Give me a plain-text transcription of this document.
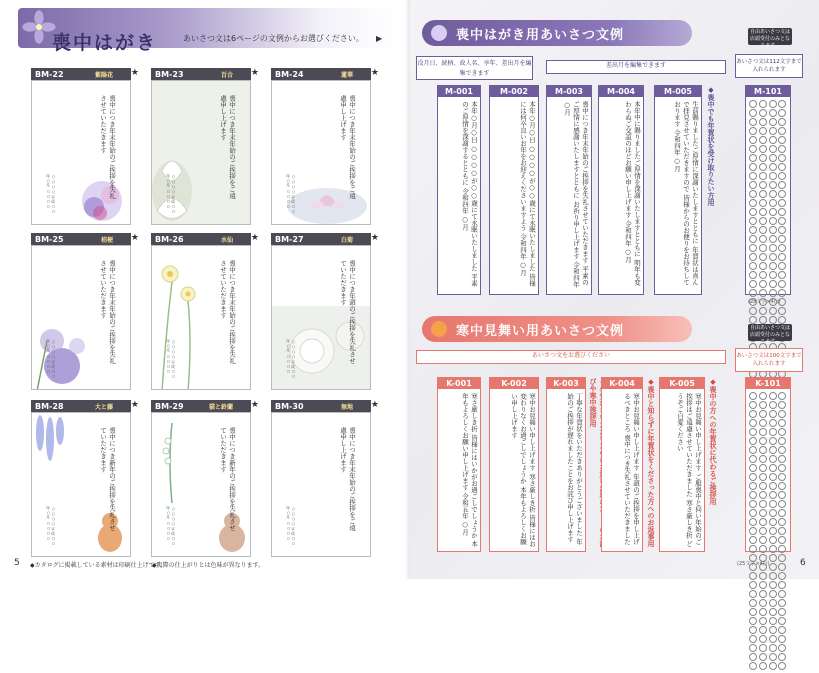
喪中はがき	あいさつ文は6ページの文例からお選びください。 ▶
BM-22	紫陽花 ★
喪中につき年末年始のご挨拶を失礼させていただきます
○○○○ 平成○○年○月 ○○○○
BM-23	百合 ★
喪中につき年末年始のご挨拶をご遠慮申し上げます
○○○○ 平成○○年○月 ○○○○
BM-24	蓮華 ★
喪中につき年末年始のご挨拶をご遠慮申し上げます
○○○○ 平成○○年○月 ○○○○
BM-25	桔梗 ★
喪中につき年末年始のご挨拶を失礼させていただきます
○○○○ 平成○○年○月 ○○○○
BM-26	水仙 ★
喪中につき年末年始のご挨拶を失礼させていただきます
○○○○ 平成○○年○月 ○○○○
BM-27	白菊 ★
喪中につき年頭のご挨拶を失礼させていただきます
○○○○ 平成○○年○月 ○○○○
BM-28	大と藤 ★
喪中につき新年のご挨拶を失礼させていただきます
○○○○ 平成○○年○月 ○○○○
BM-29	猫と鈴蘭 ★
喪中につき新年のご挨拶を失礼させていただきます
○○○○ 平成○○年○月 ○○○○
BM-30	無地 ★
喪中につき年末年始のご挨拶をご遠慮申し上げます
○○○○ 平成○○年○月 ○○○○
5 ◆カタログに掲載している素材は印刷仕上げです。
◆実際の仕上がりとは色味が異なります。
喪中はがき用あいさつ文例
没月日、続柄、故人名、享年、差出月を編集できます
差出月を編集できます
自由あいさつ文は店頭受付のみとなります。
あいさつ文は112文字まで入れられます
M-001
本年○月○日 ○○○○が○○歳にて永眠いたしました 平素のご厚情を深謝するとともに 令和四年 ○月
M-002
本年○月○日 ○○○○が○○歳にて永眠いたしました 皆様には何卒良いお年をお迎えくださいますよう 令和四年 ○月
M-003
喪中につき年末年始のご挨拶を失礼させていただきます 平素のご厚情に感謝いたしますとともに お祈り申し上げます 令和四年 ○月
M-004
本年中に賜りましたご厚情を深謝いたしますとともに 明年も変わらぬご交誼のほどお願い申し上げます 令和四年 ○月
M-005
生前賜りましたご厚情に深謝いたしますとともに 年賀状は喜んで拝見させていただきますので 皆様からのお便りをお待ちしております 令和四年 ○月	◆喪中でも年賀状を受け取りたい方用	M-101
(28文字×4行)
寒中見舞い用あいさつ文例	自由あいさつ文は店頭受付のみとなります。
あいさつ文をお選びください	あいさつ文は100文字まで入れられます
K-001
寒さ厳しき折 皆様にはいかがお過ごしでしょうか 本年もよろしくお願い申し上げます 令和五年 ○月
K-002
寒中お見舞い申し上げます 寒さ厳しき折 皆様にはお変わりなくお過ごしでしょうか 本年もよろしくお願い申し上げます
K-003
丁寧な年賀状をいただきありがとうございました 年始のご挨拶が遅れましたことをお詫び申し上げます
びや寒中挨拶用
K-004
寒中お見舞い申し上げます 年頭のご挨拶を申し上げるべきところ 喪中につき失礼させていただきました	◆喪中と知らずに年賀状をくださった方へのお返事用	K-005
寒中お見舞い申し上げます ご服喪中と伺い年始のご挨拶はご遠慮させていただきました 寒さ厳しき折 どうぞご自愛ください	◆喪中の方への年賀状に代わるご挨拶用	K-101
(25文字×4行)	6
